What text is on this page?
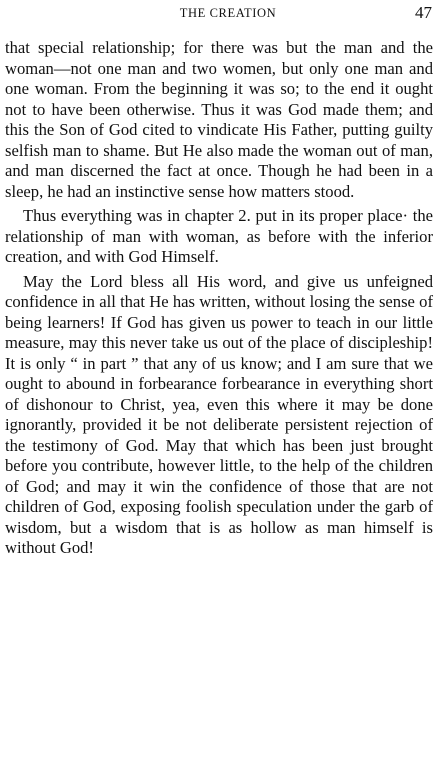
THE CREATION	47

that special relationship; for there was but the man and the woman—not one man and two women, but only one man and one woman. From the beginning it was so; to the end it ought not to have been otherwise. Thus it was God made them; and this the Son of God cited to vindicate His Father, putting guilty selfish man to shame. But He also made the woman out of man, and man discerned the fact at once. Though he had been in a sleep, he had an instinctive sense how matters stood.

Thus everything was in chapter 2. put in its proper place· the relationship of man with woman, as before with the inferior creation, and with God Himself.

May the Lord bless all His word, and give us unfeigned confidence in all that He has written, without losing the sense of being learners! If God has given us power to teach in our little measure, may this never take us out of the place of discipleship! It is only “ in part ” that any of us know; and I am sure that we ought to abound in forbearance forbearance in everything short of dishonour to Christ, yea, even this where it may be done ignorantly, provided it be not deliberate persistent rejection of the testimony of God. May that which has been just brought before you contribute, however little, to the help of the children of God; and may it win the confidence of those that are not children of God, exposing foolish speculation under the garb of wisdom, but a wisdom that is as hollow as man himself is without God!
